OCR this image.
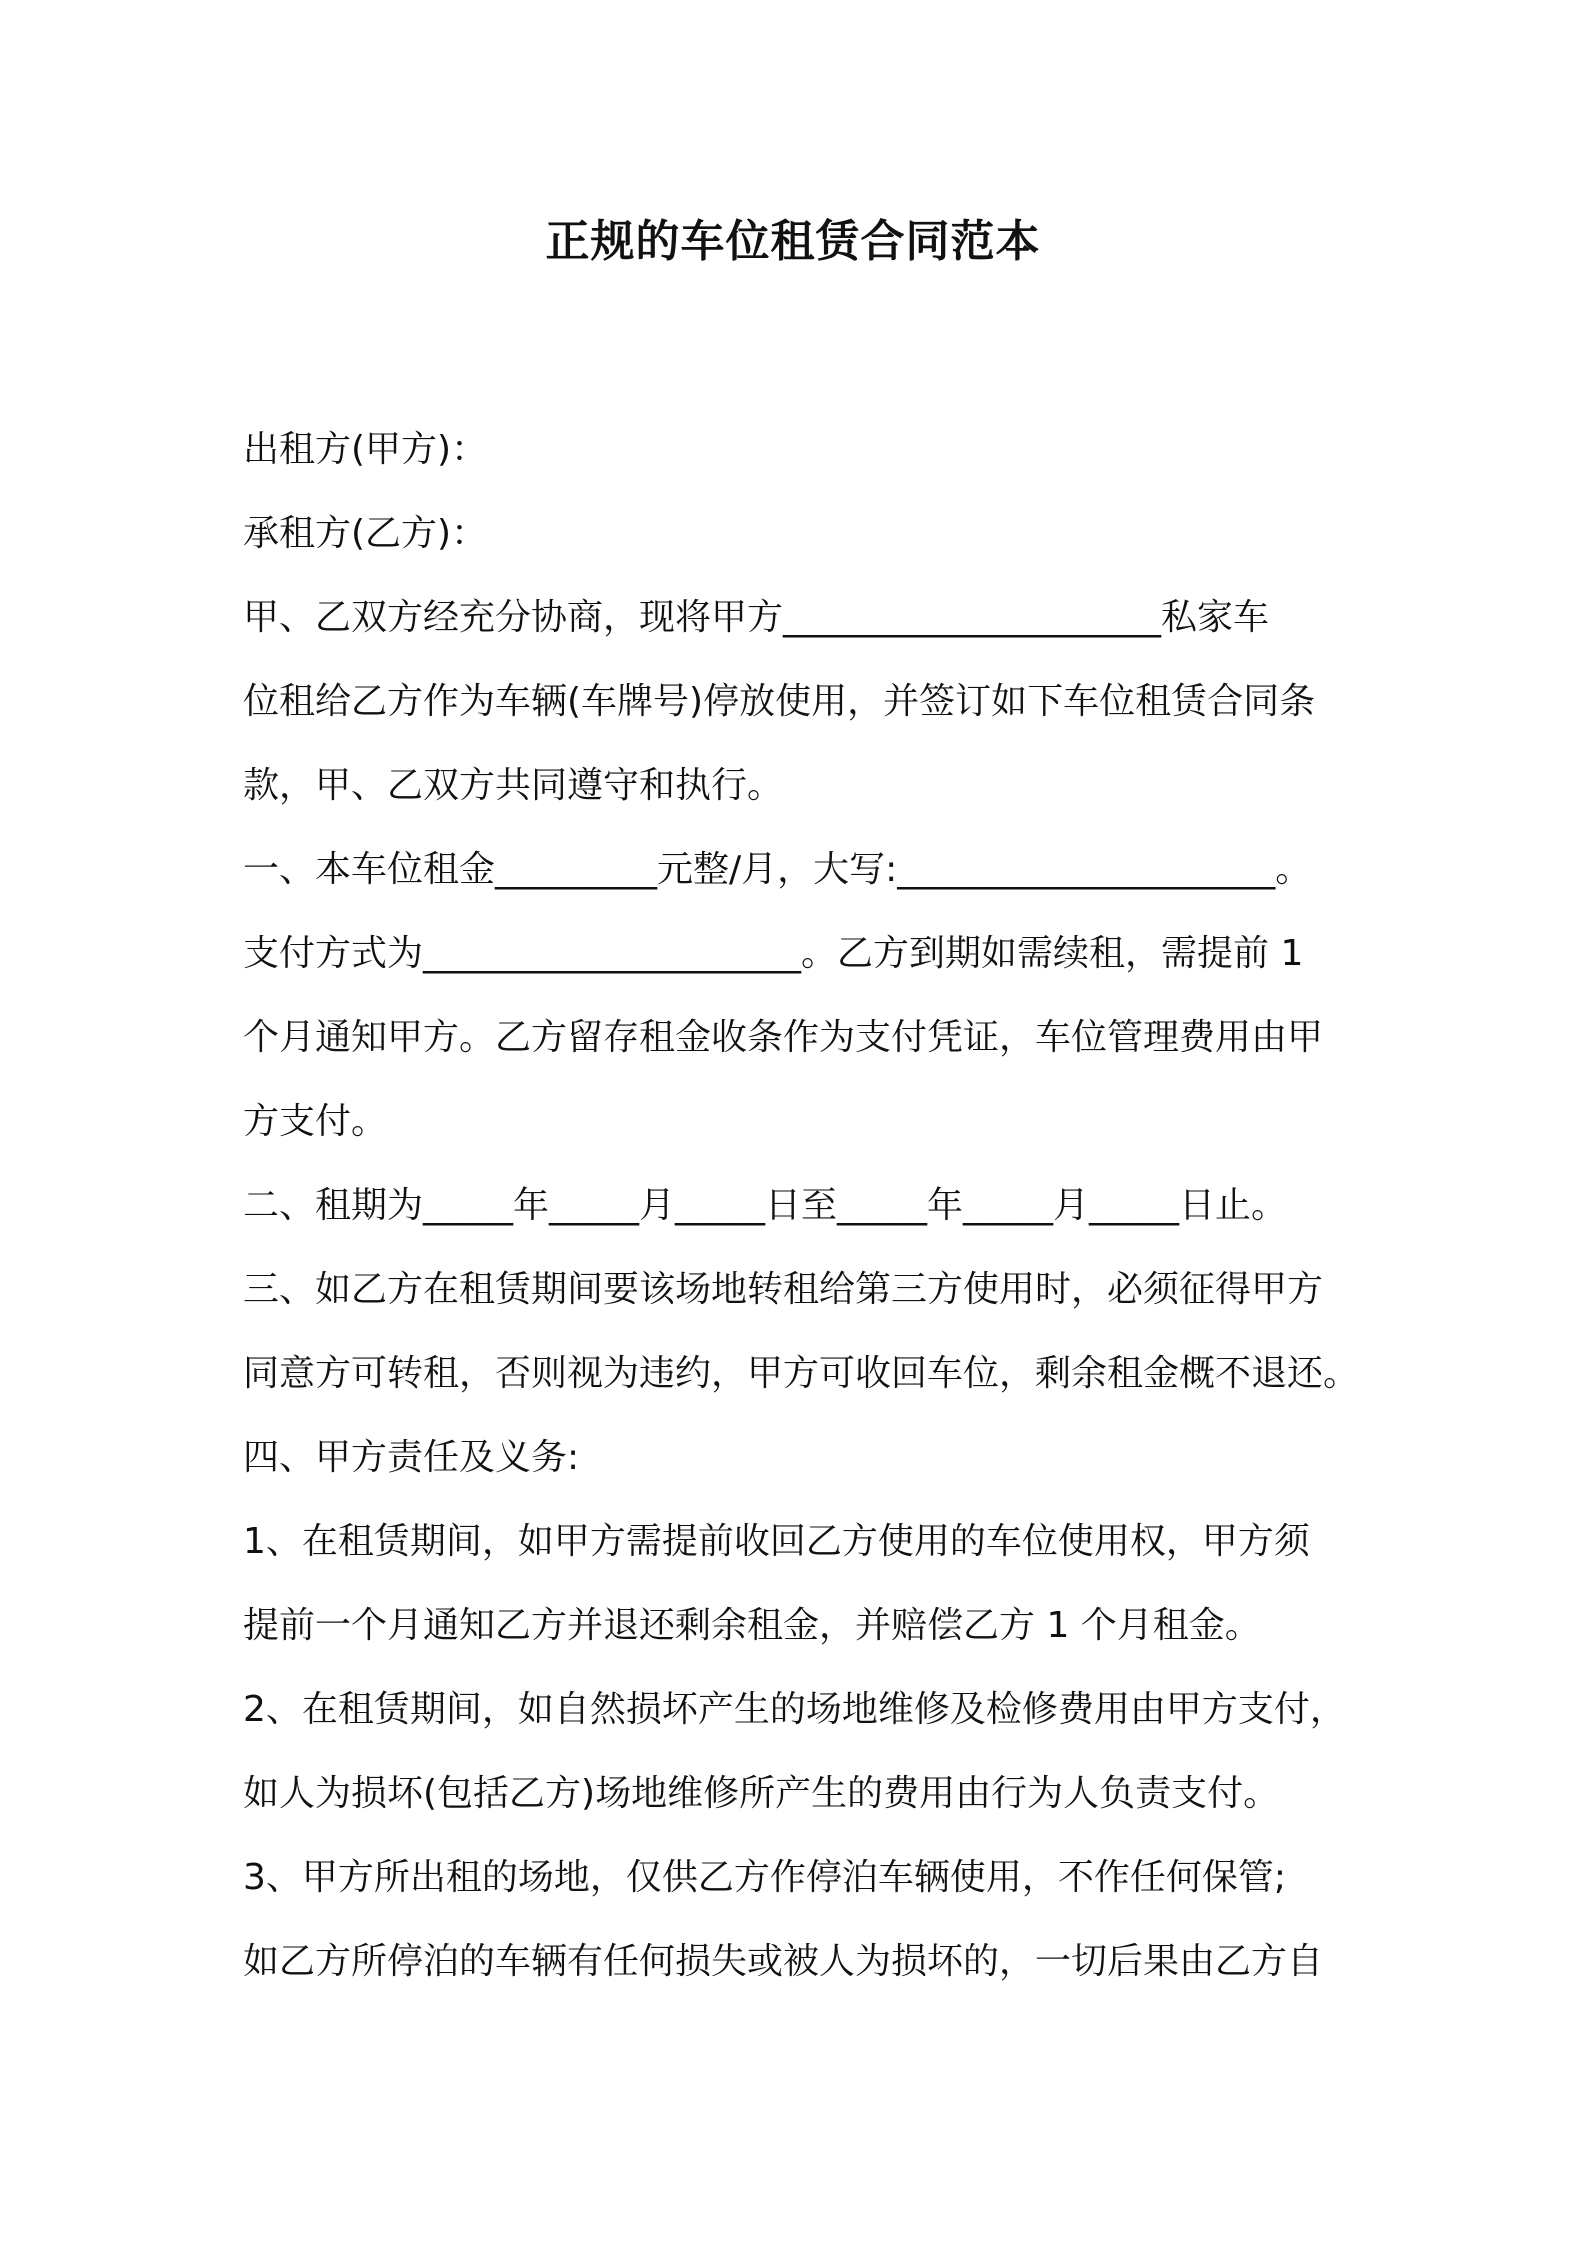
正规的车位租赁合同范本
出租方(甲方)：
承租方(乙方)：
甲、乙双方经充分协商，现将甲方_____________________私家车
位租给乙方作为车辆(车牌号)停放使用，并签订如下车位租赁合同条
款，甲、乙双方共同遵守和执行。
一、本车位租金_________元整/月，大写:_____________________。
支付方式为_____________________。乙方到期如需续租，需提前 1
个月通知甲方。乙方留存租金收条作为支付凭证，车位管理费用由甲
方支付。
二、租期为_____年_____月_____日至_____年_____月_____日止。
三、如乙方在租赁期间要该场地转租给第三方使用时，必须征得甲方
同意方可转租，否则视为违约，甲方可收回车位，剩余租金概不退还。
四、甲方责任及义务:
1、在租赁期间，如甲方需提前收回乙方使用的车位使用权，甲方须
提前一个月通知乙方并退还剩余租金，并赔偿乙方 1 个月租金。
2、在租赁期间，如自然损坏产生的场地维修及检修费用由甲方支付，
如人为损坏(包括乙方)场地维修所产生的费用由行为人负责支付。
3、甲方所出租的场地，仅供乙方作停泊车辆使用，不作任何保管;
如乙方所停泊的车辆有任何损失或被人为损坏的，一切后果由乙方自
